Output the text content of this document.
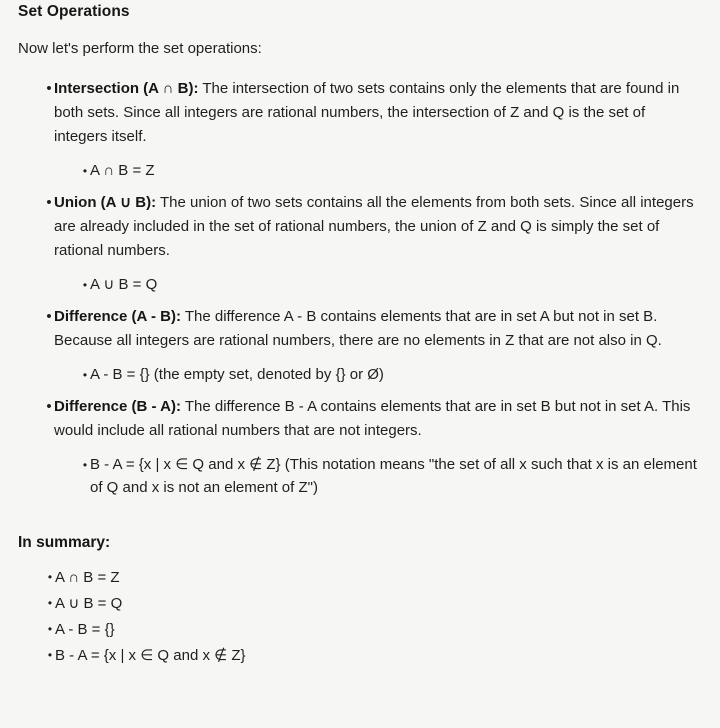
Set Operations

Now let's perform the set operations:

• Intersection (A ∩ B): The intersection of two sets contains only the elements that are found in both sets. Since all integers are rational numbers, the intersection of Z and Q is the set of integers itself.
• A ∩ B = Z
• Union (A ∪ B): The union of two sets contains all the elements from both sets. Since all integers are already included in the set of rational numbers, the union of Z and Q is simply the set of rational numbers.
• A ∪ B = Q
• Difference (A - B): The difference A - B contains elements that are in set A but not in set B. Because all integers are rational numbers, there are no elements in Z that are not also in Q.
• A - B = {} (the empty set, denoted by {} or Ø)
• Difference (B - A): The difference B - A contains elements that are in set B but not in set A. This would include all rational numbers that are not integers.
• B - A = {x | x ∈ Q and x ∉ Z} (This notation means "the set of all x such that x is an element of Q and x is not an element of Z")
In summary:
• A ∩ B = Z
• A ∪ B = Q
• A - B = {}
• B - A = {x | x ∈ Q and x ∉ Z}
